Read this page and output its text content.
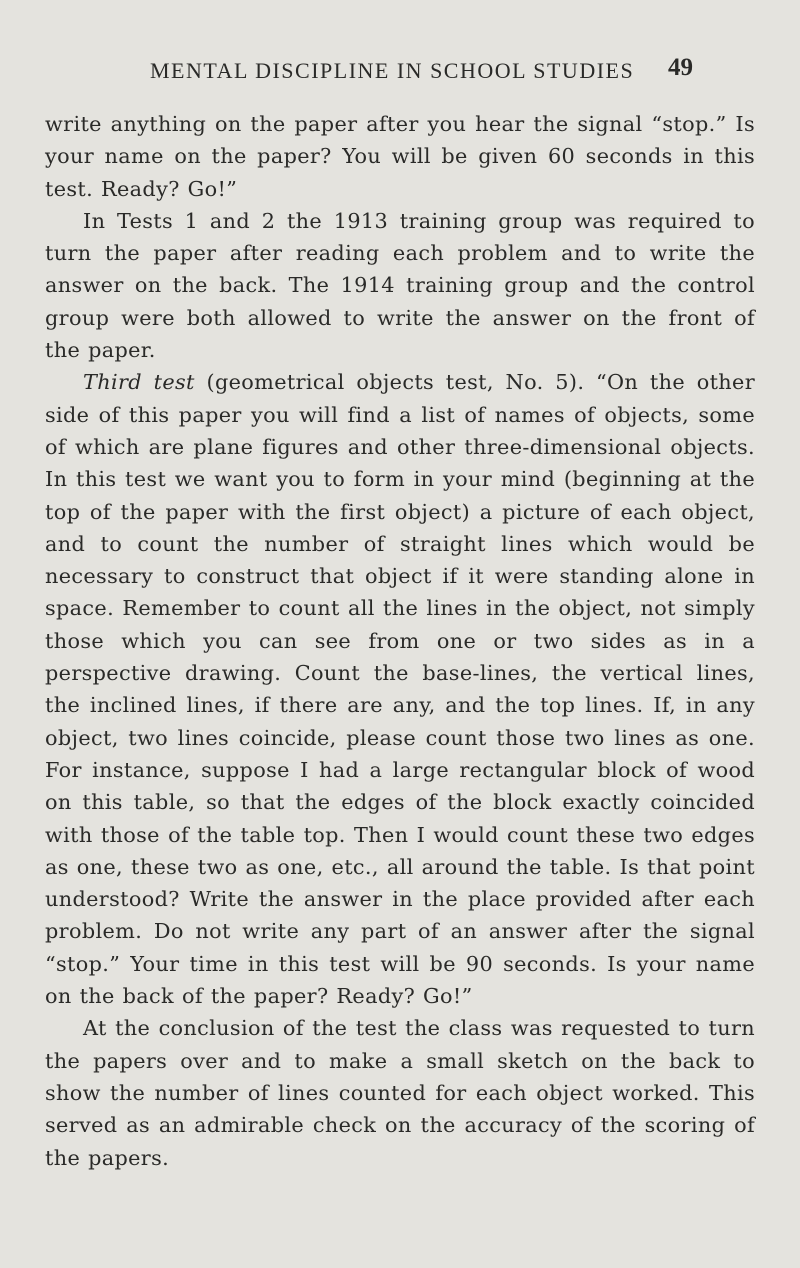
MENTAL DISCIPLINE IN SCHOOL STUDIES 49

write anything on the paper after you hear the signal “stop.” Is your name on the paper? You will be given 60 seconds in this test. Ready? Go!”

In Tests 1 and 2 the 1913 training group was required to turn the paper after reading each problem and to write the answer on the back. The 1914 training group and the control group were both allowed to write the answer on the front of the paper.

Third test (geometrical objects test, No. 5). “On the other side of this paper you will find a list of names of objects, some of which are plane figures and other three-dimensional objects. In this test we want you to form in your mind (beginning at the top of the paper with the first object) a picture of each object, and to count the number of straight lines which would be necessary to construct that object if it were standing alone in space. Remember to count all the lines in the object, not simply those which you can see from one or two sides as in a perspective drawing. Count the base-lines, the vertical lines, the inclined lines, if there are any, and the top lines. If, in any object, two lines coincide, please count those two lines as one. For instance, suppose I had a large rectangular block of wood on this table, so that the edges of the block exactly coincided with those of the table top. Then I would count these two edges as one, these two as one, etc., all around the table. Is that point understood? Write the answer in the place provided after each problem. Do not write any part of an answer after the signal “stop.” Your time in this test will be 90 seconds. Is your name on the back of the paper? Ready? Go!”

At the conclusion of the test the class was requested to turn the papers over and to make a small sketch on the back to show the number of lines counted for each object worked. This served as an admirable check on the accuracy of the scoring of the papers.
